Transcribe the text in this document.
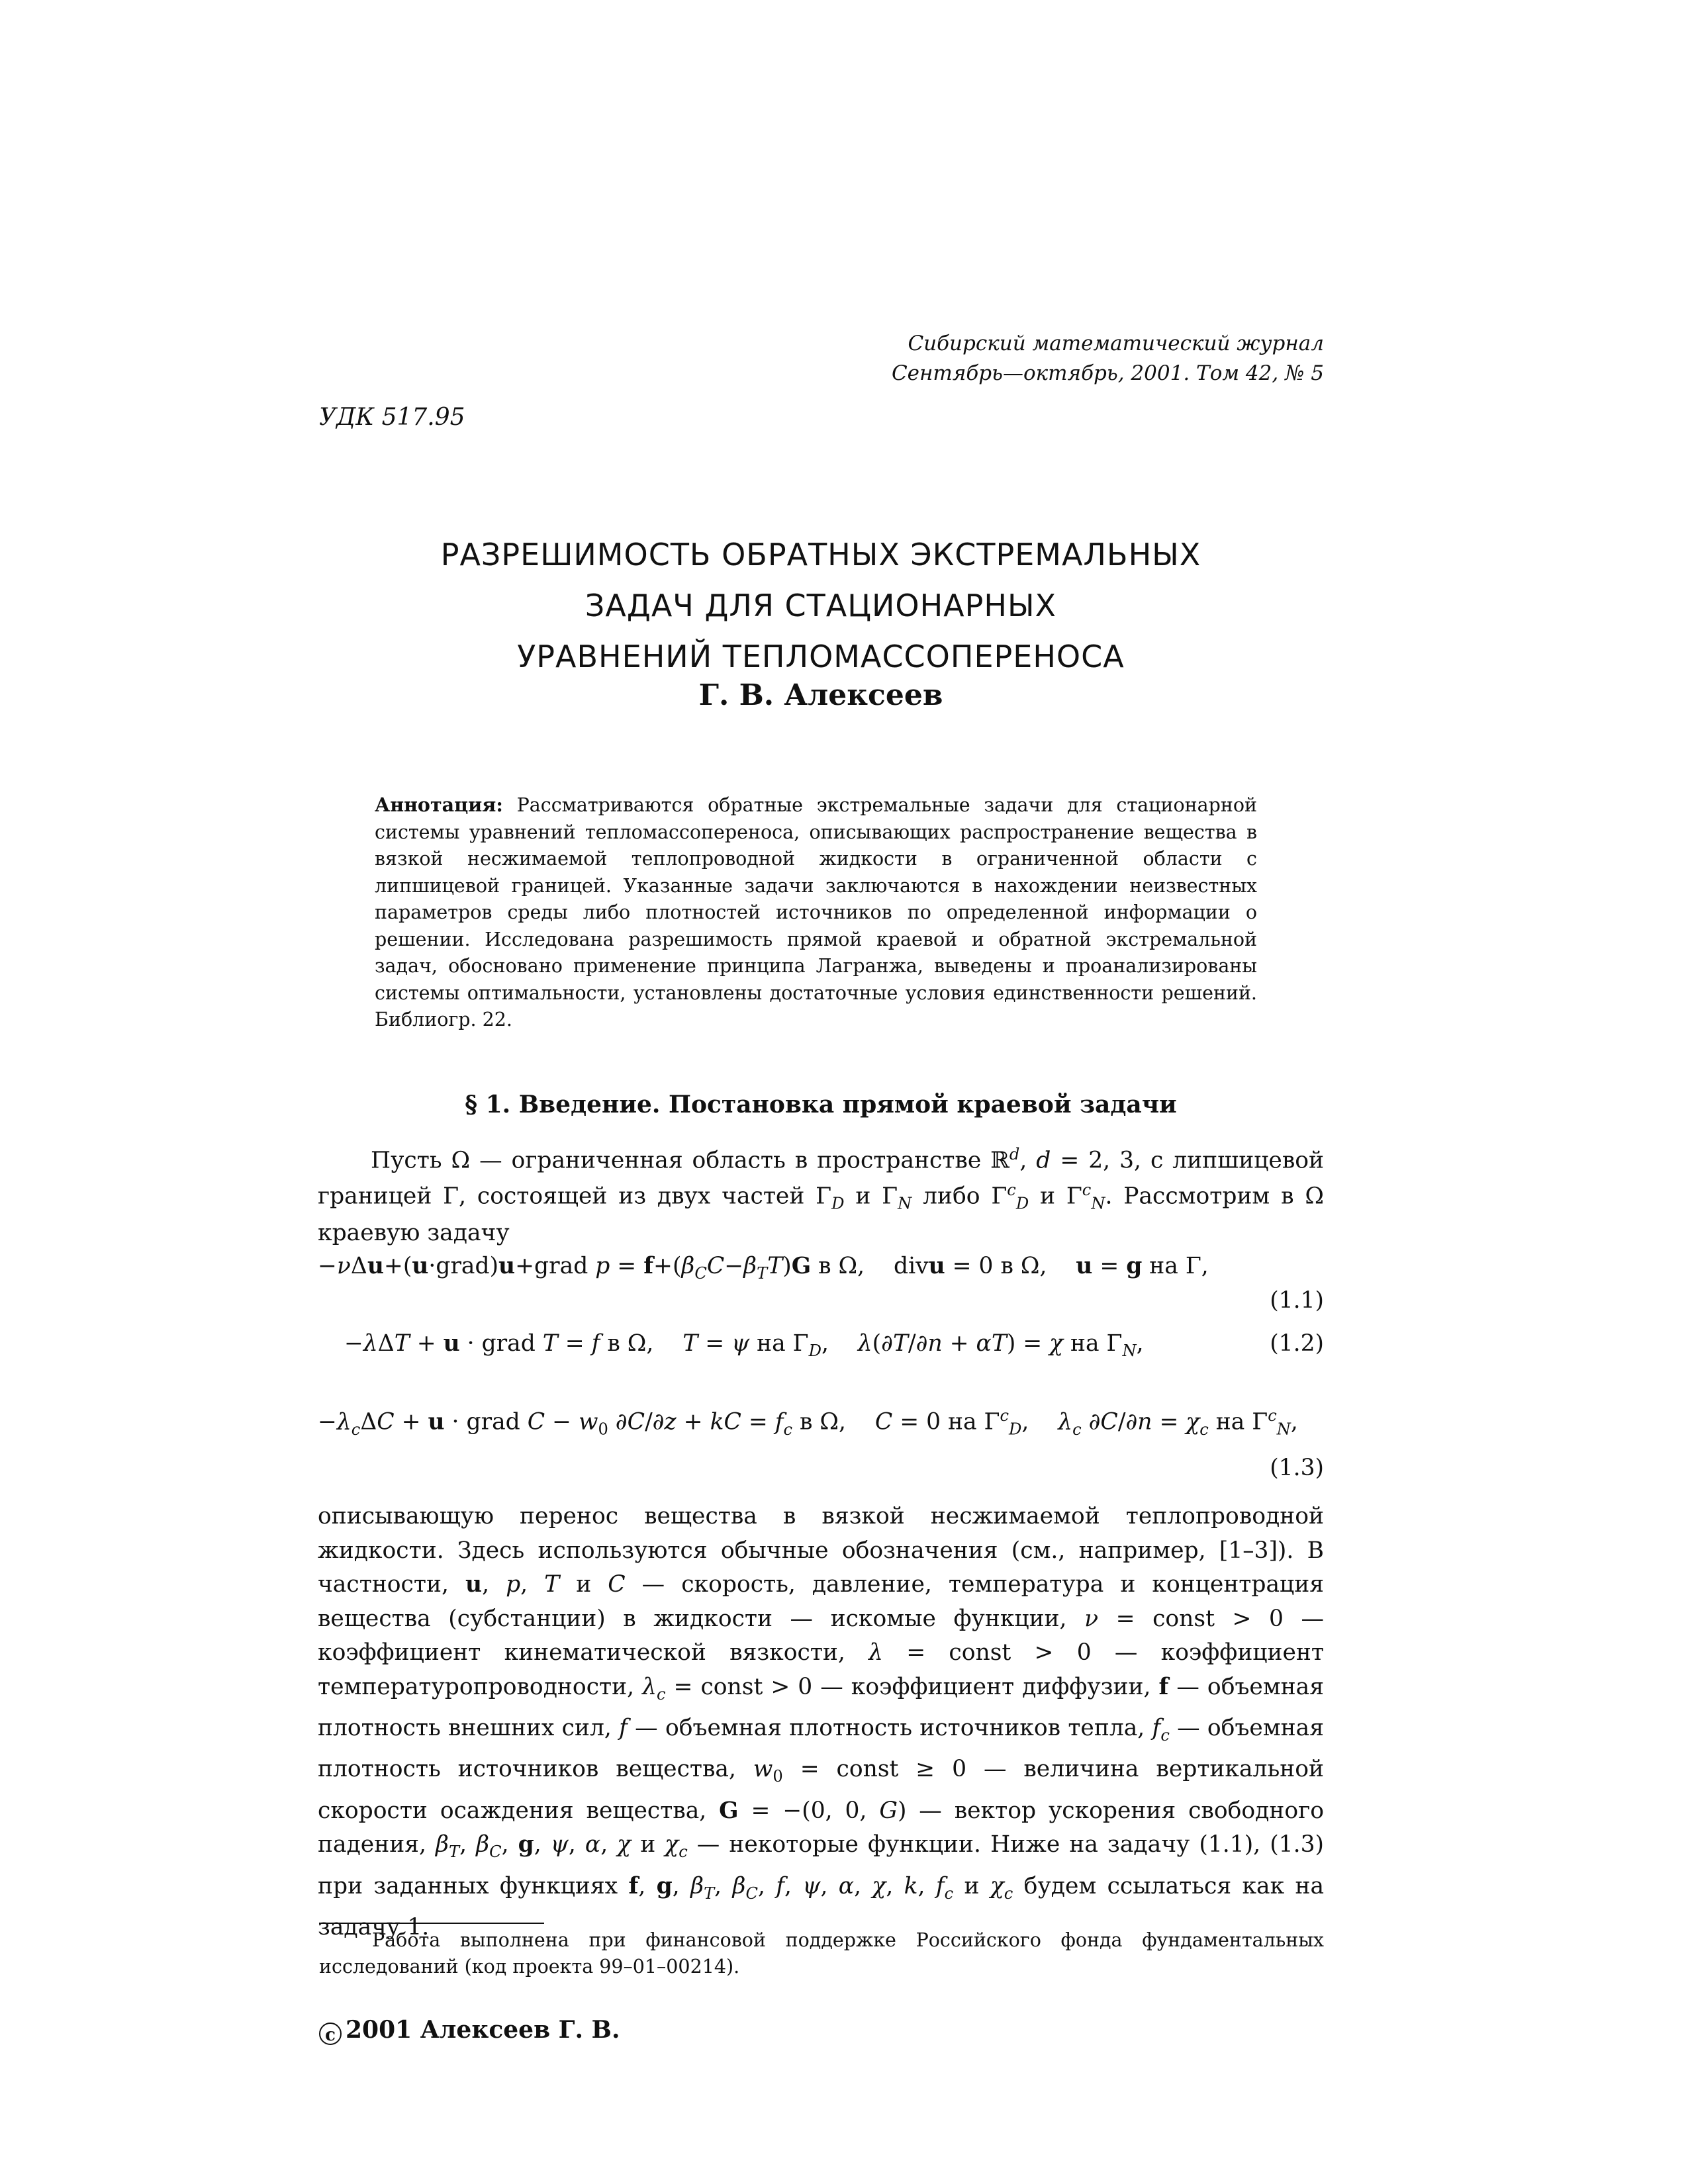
Сибирский математический журнал
Сентябрь—октябрь, 2001. Том 42, № 5
УДК 517.95
РАЗРЕШИМОСТЬ ОБРАТНЫХ ЭКСТРЕМАЛЬНЫХ
ЗАДАЧ ДЛЯ СТАЦИОНАРНЫХ
УРАВНЕНИЙ ТЕПЛОМАССОПЕРЕНОСА
Г. В. Алексеев
Аннотация: Рассматриваются обратные экстремальные задачи для стационарной системы уравнений тепломассопереноса, описывающих распространение вещества в вязкой несжимаемой теплопроводной жидкости в ограниченной области с липшицевой границей. Указанные задачи заключаются в нахождении неизвестных параметров среды либо плотностей источников по определенной информации о решении. Исследована разрешимость прямой краевой и обратной экстремальной задач, обосновано применение принципа Лагранжа, выведены и проанализированы системы оптимальности, установлены достаточные условия единственности решений. Библиогр. 22.
§ 1. Введение. Постановка прямой краевой задачи
Пусть Ω — ограниченная область в пространстве ℝ$^d$, d = 2, 3, с липшицевой границей Γ, состоящей из двух частей $\Gamma_D$ и $\Gamma_N$ либо $\Gamma^c_D$ и $\Gamma^c_N$. Рассмотрим в Ω краевую задачу
−νΔu+(u·grad)u+grad $p = f+(\beta_CC-\beta_TT)G$ в Ω,    divu = 0 в Ω,    u = g на Γ,
(1.1)
−λΔT + u · grad T = f в Ω,    T = ψ на $\Gamma_D$,    λ(∂T/∂n + αT) = χ на $\Gamma_N$,	(1.2)
$-\lambda_c\Delta C + u$ · grad $C - w_0$ ∂C/∂z + kC = $f_c$ в Ω,    C = 0 на $\Gamma^c_D$,    $\lambda_c$ $\partial C/\partial n = \chi_c$ на $\Gamma^c_N$,
(1.3)
описывающую перенос вещества в вязкой несжимаемой теплопроводной жидкости. Здесь используются обычные обозначения (см., например, [1–3]). В частности, u, p, T и C — скорость, давление, температура и концентрация вещества (субстанции) в жидкости — искомые функции, ν = const > 0 — коэффициент кинематической вязкости, λ = const > 0 — коэффициент температуропроводности, $\lambda_c$ = const > 0 — коэффициент диффузии, f — объемная плотность внешних сил, f — объемная плотность источников тепла, $f_c$ — объемная плотность источников вещества, $w_0$ = const ≥ 0 — величина вертикальной скорости осаждения вещества, G = −(0, 0, G) — вектор ускорения свободного падения, $\beta_T$, $\beta_C$, g, ψ, α, χ и $\chi_c$ — некоторые функции. Ниже на задачу (1.1), (1.3) при заданных функциях f, g, $\beta_T$, $\beta_C$, f, ψ, α, χ, k, $f_c$ и $\chi_c$ будем ссылаться как на задачу 1.
Работа выполнена при финансовой поддержке Российского фонда фундаментальных исследований (код проекта 99–01–00214).
c 2001 Алексеев Г. В.
